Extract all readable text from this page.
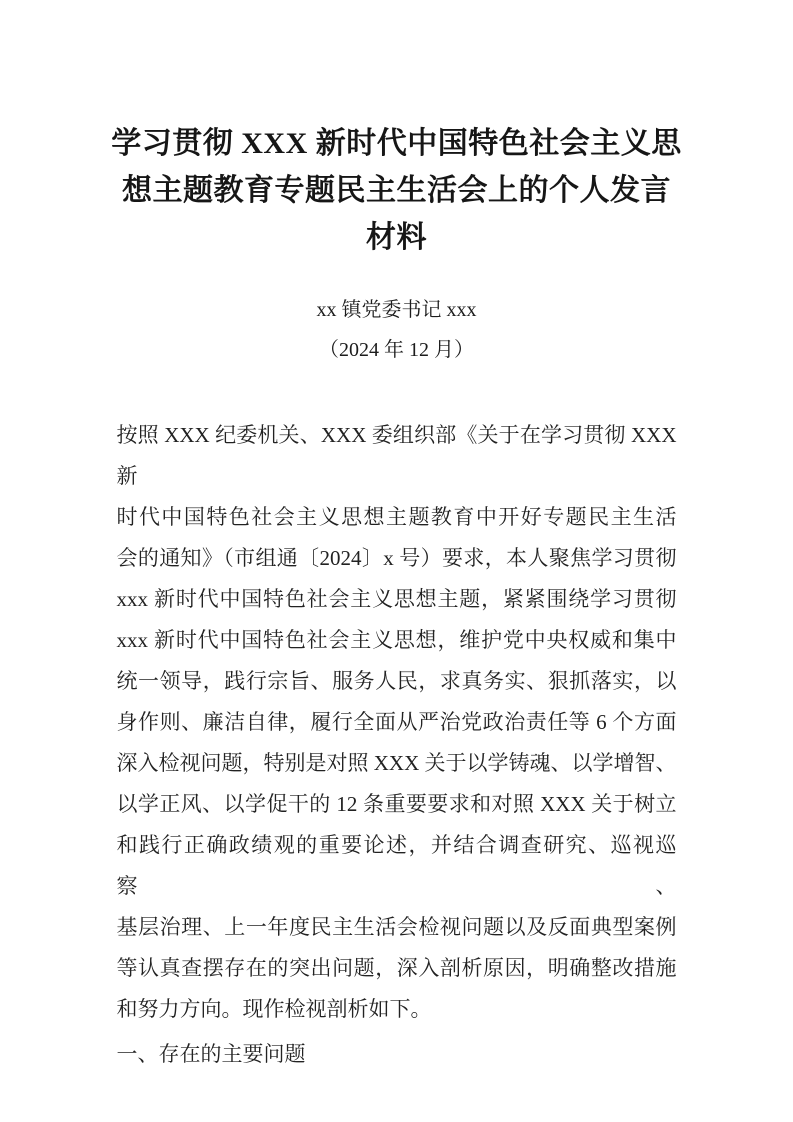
学习贯彻 XXX 新时代中国特色社会主义思
想主题教育专题民主生活会上的个人发言
材料

xx 镇党委书记 xxx

（2024 年 12 月）

按照 XXX 纪委机关、XXX 委组织部《关于在学习贯彻 XXX 新
时代中国特色社会主义思想主题教育中开好专题民主生活
会的通知》（市组通〔2024〕x 号）要求，本人聚焦学习贯彻
xxx 新时代中国特色社会主义思想主题，紧紧围绕学习贯彻
xxx 新时代中国特色社会主义思想，维护党中央权威和集中
统一领导，践行宗旨、服务人民，求真务实、狠抓落实，以
身作则、廉洁自律，履行全面从严治党政治责任等 6 个方面
深入检视问题，特别是对照 XXX 关于以学铸魂、以学增智、
以学正风、以学促干的 12 条重要要求和对照 XXX 关于树立
和践行正确政绩观的重要论述，并结合调查研究、巡视巡察、
基层治理、上一年度民主生活会检视问题以及反面典型案例
等认真查摆存在的突出问题，深入剖析原因，明确整改措施
和努力方向。现作检视剖析如下。
一、存在的主要问题
